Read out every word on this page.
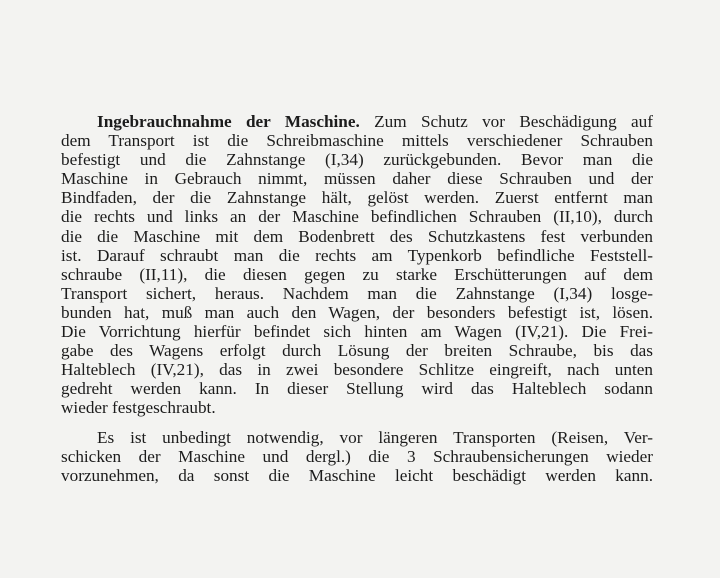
Ingebrauchnahme der Maschine. Zum Schutz vor Beschädigung auf
dem Transport ist die Schreibmaschine mittels verschiedener Schrauben
befestigt und die Zahnstange (I,34) zurückgebunden. Bevor man die
Maschine in Gebrauch nimmt, müssen daher diese Schrauben und der
Bindfaden, der die Zahnstange hält, gelöst werden. Zuerst entfernt man
die rechts und links an der Maschine befindlichen Schrauben (II,10), durch
die die Maschine mit dem Bodenbrett des Schutzkastens fest verbunden
ist. Darauf schraubt man die rechts am Typenkorb befindliche Feststell-
schraube (II,11), die diesen gegen zu starke Erschütterungen auf dem
Transport sichert, heraus. Nachdem man die Zahnstange (I,34) losge-
bunden hat, muß man auch den Wagen, der besonders befestigt ist, lösen.
Die Vorrichtung hierfür befindet sich hinten am Wagen (IV,21). Die Frei-
gabe des Wagens erfolgt durch Lösung der breiten Schraube, bis das
Halteblech (IV,21), das in zwei besondere Schlitze eingreift, nach unten
gedreht werden kann. In dieser Stellung wird das Halteblech sodann
wieder festgeschraubt.
Es ist unbedingt notwendig, vor längeren Transporten (Reisen, Ver-
schicken der Maschine und dergl.) die 3 Schraubensicherungen wieder
vorzunehmen, da sonst die Maschine leicht beschädigt werden kann.
